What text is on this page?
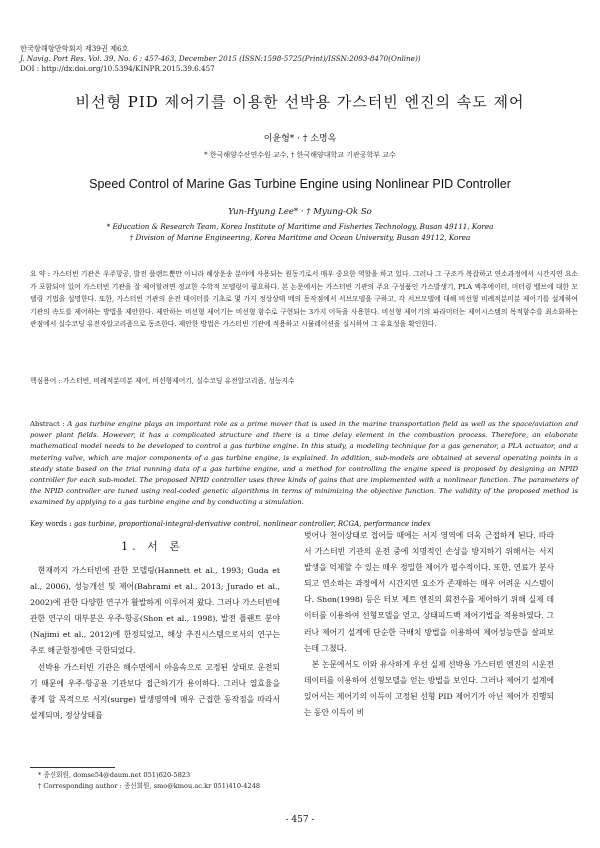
한국항해항만학회지 제39권 제6호
J. Navig. Port Res. Vol. 39, No. 6 : 457-463, December 2015 (ISSN:1598-5725(Print)/ISSN:2093-8470(Online))
DOI : http://dx.doi.org/10.5394/KINPR.2015.39.6.457
비선형 PID 제어기를 이용한 선박용 가스터빈 엔진의 속도 제어
이윤형* · † 소명옥
* 한국해양수산연수원 교수, † 한국해양대학교 기관공학부 교수
Speed Control of Marine Gas Turbine Engine using Nonlinear PID Controller
Yun-Hyung Lee* · † Myung-Ok So
* Education & Research Team, Korea Institute of Maritime and Fisheries Technology, Busan 49111, Korea
† Division of Marine Engineering, Korea Maritime and Ocean University, Busan 49112, Korea
요 약 : 가스터빈 기관은 우주항공, 발전 플랜트뿐만 아니라 해상운송 분야에 사용되는 원동기로서 매우 중요한 역할을 하고 있다. 그러나 그 구조가 복잡하고 연소과정에서 시간지연 요소가 포함되어 있어 가스터빈 기관을 잘 제어할려면 정교한 수학적 모델링이 필요하다. 본 논문에서는 가스터빈 기관의 주요 구성품인 가스발생기, PLA 액추에이터, 미터링 밸브에 대한 모델링 기법을 설명한다. 또한, 가스터빈 기관의 운전 데이터를 기초로 몇 가지 정상상태 메의 동작점에서 서브모델을 구하고, 각 서브모델에 대해 비선형 비례적분미분 제어기를 설계하여 기관의 속도를 제어하는 방법을 제안한다. 제안하는 비선형 제어기는 비선형 함수로 구현되는 3가지 이득을 사용한다. 비선형 제어기의 파라미터는 제어시스템의 목적함수를 최소화하는 관점에서 실수코딩 유전자알고리즘으로 동조한다. 제안한 방법은 가스터빈 기관에 적용하고 시뮬레이션을 실시하여 그 유효성을 확인한다.
핵심용어 : 가스터빈, 비례적분미분 제어, 비선형제어기, 실수코딩 유전알고리즘, 성능지수
Abstract : A gas turbine engine plays an important role as a prime mover that is used in the marine transportation field as well as the space/aviation and power plant fields. However, it has a complicated structure and there is a time delay element in the combustion process. Therefore, an elaborate mathematical model needs to be developed to control a gas turbine engine. In this study, a modeling technique for a gas generator, a PLA actuator, and a metering valve, which are major components of a gas turbine engine, is explained. In addition, sub-models are obtained at several operating points in a steady state based on the trial running data of a gas turbine engine, and a method for controlling the engine speed is proposed by designing an NPID controller for each sub-model. The proposed NPID controller uses three kinds of gains that are implemented with a nonlinear function. The parameters of the NPID controller are tuned using real-coded genetic algorithms in terms of minimizing the objective function. The validity of the proposed method is examined by applying to a gas turbine engine and by conducting a simulation.
Key words : gas turbine, proportional-integral-derivative control, nonlinear controller, RCGA, performance index
1. 서 론

현재까지 가스터빈에 관한 모델링(Hannett et al., 1993; Guda et al., 2006), 성능개선 및 제어(Bahrami et al., 2013; Jurado et al., 2002)에 관한 다양한 연구가 활발하게 이루어져 왔다. 그러나 가스터빈에 관한 연구의 대부분은 우주·항공(Shon et al., 1998), 발전 플랜트 분야(Najimi et al., 2012)에 한정되었고, 해상 추진시스템으로서의 연구는 주로 해군함정에만 국한되었다.

선박용 가스터빈 기관은 해수면에서 아음속으로 고정된 상태로 운전되기 때문에 우주·항공용 기관보다 접근하기가 용이하다. 그러나 열효율을 좋게 할 목적으로 서지(surge) 발생영역에 매우 근접한 동작점을 따라서 설계되며, 정상상태를

벗어나 천이상태로 접어들 때에는 서지 영역에 더욱 근접하게 된다. 따라서 가스터빈 기관의 운전 중에 치명적인 손상을 방지하기 위해서는 서지 발생을 억제할 수 있는 매우 정밀한 제어가 필수적이다. 또한, 연료가 분사되고 연소하는 과정에서 시간지연 요소가 존재하는 매우 어려운 시스템이다. Shon(1998) 등은 터보 제트 엔진의 회전수를 제어하기 위해 실제 데이터를 이용하여 선형모델을 얻고, 상태피드백 제어기법을 적용하였다. 그러나 제어기 설계에 단순한 극배치 방법을 이용하여 제어성능만을 살펴보는데 그쳤다.

본 논문에서도 이와 유사하게 우선 실제 선박용 가스터빈 엔진의 시운전 데이터를 이용하여 선형모델을 얻는 방법을 보인다. 그러나 제어기 설계에 있어서는 제어기의 이득이 고정된 선형 PID 제어기가 아닌 제어가 진행되는 동안 이득이 비

* 종신회원, domse54@daum.net 051)620-5823
† Corresponding author : 종신회원, smo@kmou.ac.kr 051)410-4248
- 457 -
